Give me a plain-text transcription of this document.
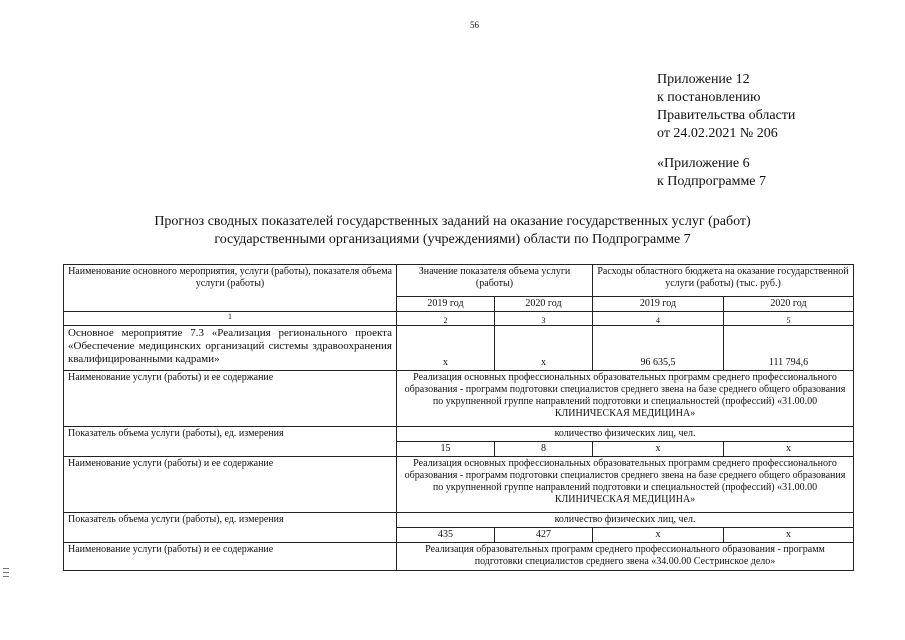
56
Приложение 12
к постановлению
Правительства области
от 24.02.2021 № 206
«Приложение 6
к Подпрограмме 7
Прогноз сводных показателей государственных заданий на оказание государственных услуг (работ)
государственными организациями (учреждениями) области по Подпрограмме 7
Наименование основного мероприятия, услуги (работы), показателя объема услуги (работы)	Значение показателя объема услуги (работы)		Расходы областного бюджета на оказание государственной услуги (работы) (тыс. руб.)	
	2019 год	2020 год	2019 год	2020 год
1	2	3	4	5
Основное мероприятие 7.3 «Реализация регионального проекта «Обеспечение медицинских организаций системы здравоохранения квалифицированными кадрами»	х	х	96 635,5	111 794,6
Наименование услуги (работы) и ее содержание	Реализация основных профессиональных образовательных программ среднего профессионального образования - программ подготовки специалистов среднего звена на базе среднего общего образования по укрупненной группе направлений подготовки и специальностей (профессий) «31.00.00 КЛИНИЧЕСКАЯ МЕДИЦИНА»			
Показатель объема услуги (работы), ед. измерения	количество физических лиц, чел.			
	15	8	х	х
Наименование услуги (работы) и ее содержание	Реализация основных профессиональных образовательных программ среднего профессионального образования - программ подготовки специалистов среднего звена на базе среднего общего образования по укрупненной группе направлений подготовки и специальностей (профессий) «31.00.00 КЛИНИЧЕСКАЯ МЕДИЦИНА»			
Показатель объема услуги (работы), ед. измерения	количество физических лиц, чел.			
	435	427	х	х
Наименование услуги (работы) и ее содержание	Реализация образовательных программ среднего профессионального образования - программ подготовки специалистов среднего звена «34.00.00 Сестринское дело»			
